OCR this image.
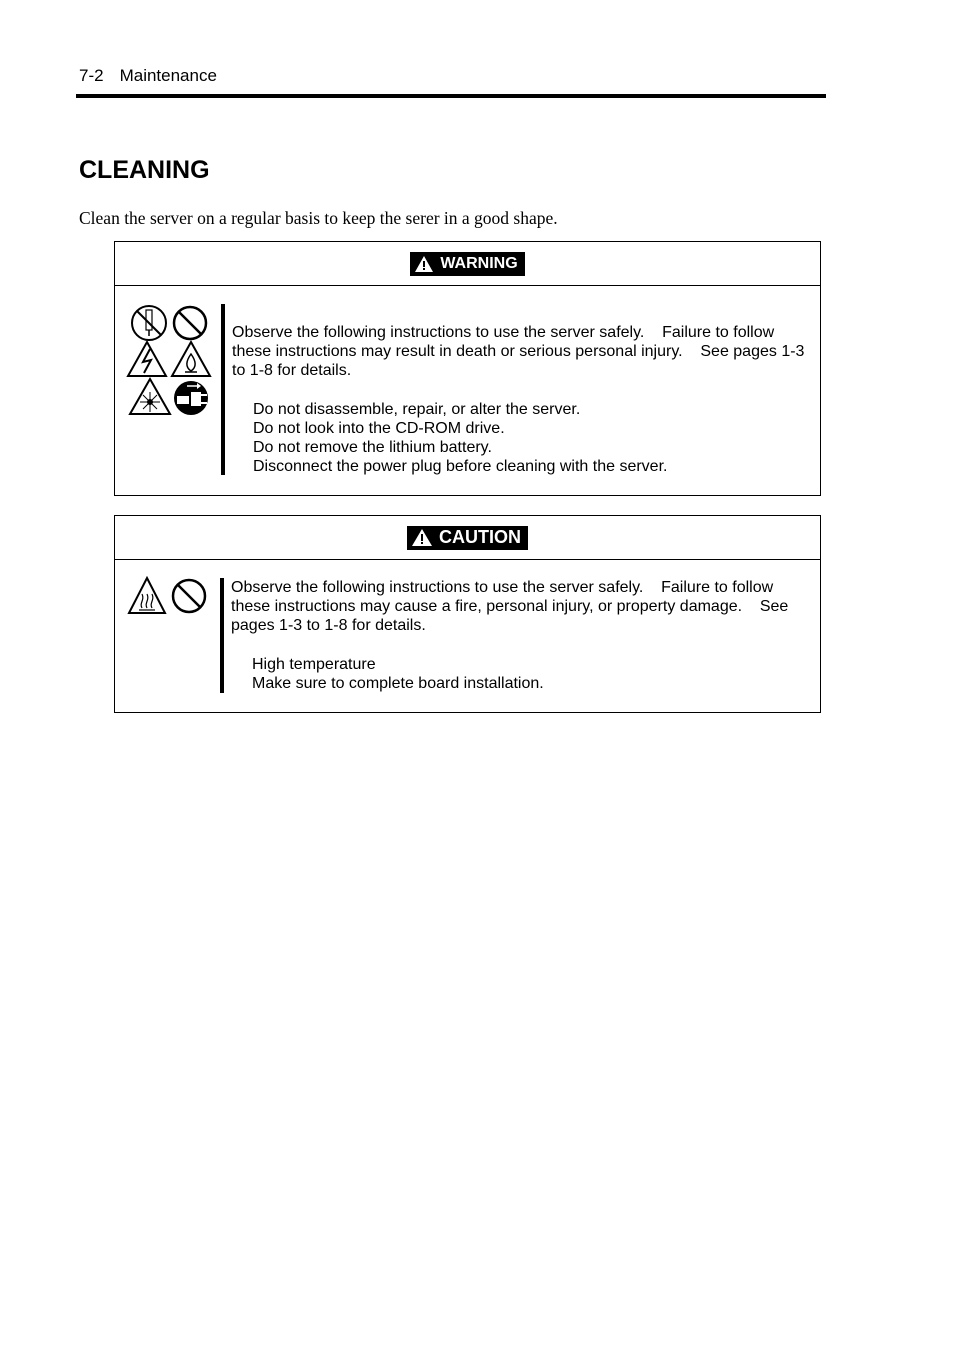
7-2 Maintenance
CLEANING
Clean the server on a regular basis to keep the serer in a good shape.
WARNING

Observe the following instructions to use the server safely.    Failure to follow these instructions may result in death or serious personal injury.    See pages 1-3 to 1-8 for details.

Do not disassemble, repair, or alter the server.
Do not look into the CD-ROM drive.
Do not remove the lithium battery.
Disconnect the power plug before cleaning with the server.
CAUTION

Observe the following instructions to use the server safely.    Failure to follow these instructions may cause a fire, personal injury, or property damage.    See pages 1-3 to 1-8 for details.

High temperature
Make sure to complete board installation.
